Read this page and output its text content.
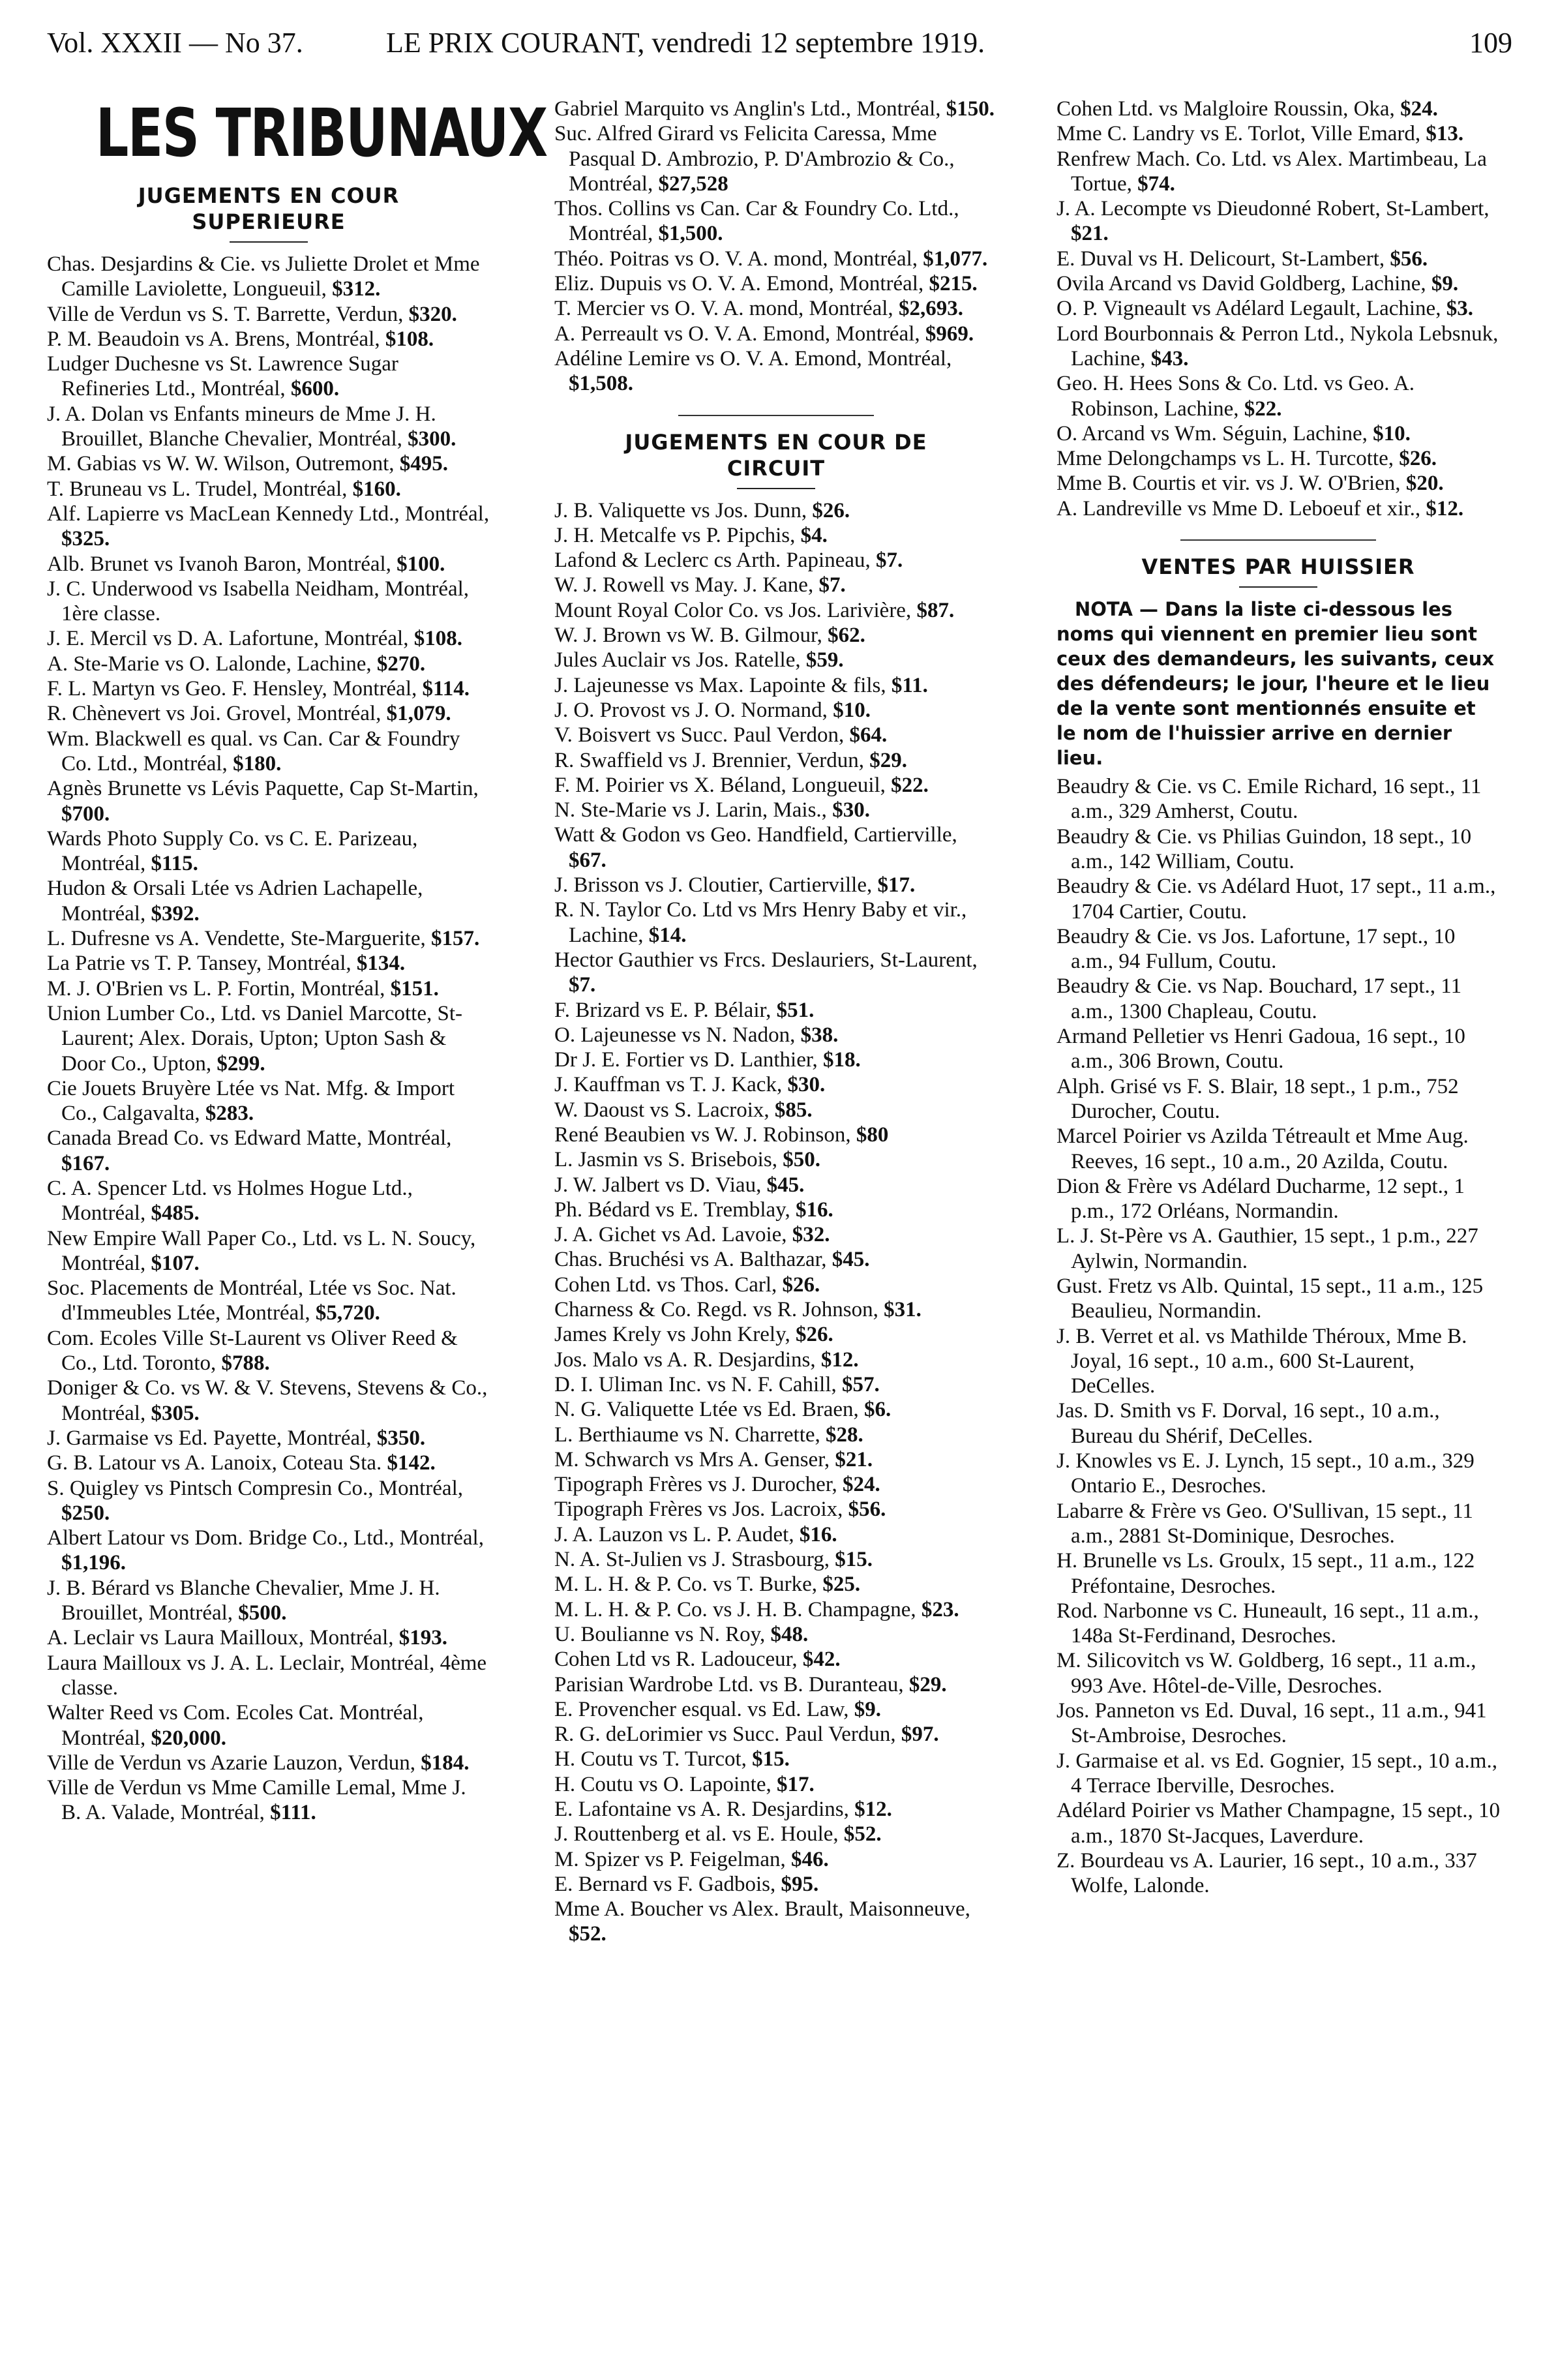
Vol. XXXII — No 37.	LE PRIX COURANT, vendredi 12 septembre 1919.	109
LES TRIBUNAUX
JUGEMENTS EN COUR
SUPERIEURE

Chas. Desjardins & Cie. vs Juliette Drolet et Mme Camille Laviolette, Longueuil, $312.

Ville de Verdun vs S. T. Barrette, Verdun, $320.

P. M. Beaudoin vs A. Brens, Montréal, $108.

Ludger Duchesne vs St. Lawrence Sugar Refineries Ltd., Montréal, $600.

J. A. Dolan vs Enfants mineurs de Mme J. H. Brouillet, Blanche Chevalier, Montréal, $300.

M. Gabias vs W. W. Wilson, Outremont, $495.

T. Bruneau vs L. Trudel, Montréal, $160.

Alf. Lapierre vs MacLean Kennedy Ltd., Montréal, $325.

Alb. Brunet vs Ivanoh Baron, Montréal, $100.

J. C. Underwood vs Isabella Neidham, Montréal, 1ère classe.

J. E. Mercil vs D. A. Lafortune, Montréal, $108.

A. Ste-Marie vs O. Lalonde, Lachine, $270.

F. L. Martyn vs Geo. F. Hensley, Montréal, $114.

R. Chènevert vs Joi. Grovel, Montréal, $1,079.

Wm. Blackwell es qual. vs Can. Car & Foundry Co. Ltd., Montréal, $180.

Agnès Brunette vs Lévis Paquette, Cap St-Martin, $700.

Wards Photo Supply Co. vs C. E. Parizeau, Montréal, $115.

Hudon & Orsali Ltée vs Adrien Lachapelle, Montréal, $392.

L. Dufresne vs A. Vendette, Ste-Marguerite, $157.

La Patrie vs T. P. Tansey, Montréal, $134.

M. J. O'Brien vs L. P. Fortin, Montréal, $151.

Union Lumber Co., Ltd. vs Daniel Marcotte, St-Laurent; Alex. Dorais, Upton; Upton Sash & Door Co., Upton, $299.

Cie Jouets Bruyère Ltée vs Nat. Mfg. & Import Co., Calgavalta, $283.

Canada Bread Co. vs Edward Matte, Montréal, $167.

C. A. Spencer Ltd. vs Holmes Hogue Ltd., Montréal, $485.

New Empire Wall Paper Co., Ltd. vs L. N. Soucy, Montréal, $107.

Soc. Placements de Montréal, Ltée vs Soc. Nat. d'Immeubles Ltée, Montréal, $5,720.

Com. Ecoles Ville St-Laurent vs Oliver Reed & Co., Ltd. Toronto, $788.

Doniger & Co. vs W. & V. Stevens, Stevens & Co., Montréal, $305.

J. Garmaise vs Ed. Payette, Montréal, $350.

G. B. Latour vs A. Lanoix, Coteau Sta. $142.

S. Quigley vs Pintsch Compresin Co., Montréal, $250.

Albert Latour vs Dom. Bridge Co., Ltd., Montréal, $1,196.

J. B. Bérard vs Blanche Chevalier, Mme J. H. Brouillet, Montréal, $500.

A. Leclair vs Laura Mailloux, Montréal, $193.

Laura Mailloux vs J. A. L. Leclair, Montréal, 4ème classe.

Walter Reed vs Com. Ecoles Cat. Montréal, Montréal, $20,000.

Ville de Verdun vs Azarie Lauzon, Verdun, $184.

Ville de Verdun vs Mme Camille Lemal, Mme J. B. A. Valade, Montréal, $111.

Gabriel Marquito vs Anglin's Ltd., Montréal, $150.

Suc. Alfred Girard vs Felicita Caressa, Mme Pasqual D. Ambrozio, P. D'Ambrozio & Co., Montréal, $27,528

Thos. Collins vs Can. Car & Foundry Co. Ltd., Montréal, $1,500.

Théo. Poitras vs O. V. A. mond, Montréal, $1,077.

Eliz. Dupuis vs O. V. A. Emond, Montréal, $215.

T. Mercier vs O. V. A. mond, Montréal, $2,693.

A. Perreault vs O. V. A. Emond, Montréal, $969.

Adéline Lemire vs O. V. A. Emond, Montréal, $1,508.

JUGEMENTS EN COUR DE
CIRCUIT

J. B. Valiquette vs Jos. Dunn, $26.

J. H. Metcalfe vs P. Pipchis, $4.

Lafond & Leclerc cs Arth. Papineau, $7.

W. J. Rowell vs May. J. Kane, $7.

Mount Royal Color Co. vs Jos. Larivière, $87.

W. J. Brown vs W. B. Gilmour, $62.

Jules Auclair vs Jos. Ratelle, $59.

J. Lajeunesse vs Max. Lapointe & fils, $11.

J. O. Provost vs J. O. Normand, $10.

V. Boisvert vs Succ. Paul Verdon, $64.

R. Swaffield vs J. Brennier, Verdun, $29.

F. M. Poirier vs X. Béland, Longueuil, $22.

N. Ste-Marie vs J. Larin, Mais., $30.

Watt & Godon vs Geo. Handfield, Cartierville, $67.

J. Brisson vs J. Cloutier, Cartierville, $17.

R. N. Taylor Co. Ltd vs Mrs Henry Baby et vir., Lachine, $14.

Hector Gauthier vs Frcs. Deslauriers, St-Laurent, $7.

F. Brizard vs E. P. Bélair, $51.

O. Lajeunesse vs N. Nadon, $38.

Dr J. E. Fortier vs D. Lanthier, $18.

J. Kauffman vs T. J. Kack, $30.

W. Daoust vs S. Lacroix, $85.

René Beaubien vs W. J. Robinson, $80

L. Jasmin vs S. Brisebois, $50.

J. W. Jalbert vs D. Viau, $45.

Ph. Bédard vs E. Tremblay, $16.

J. A. Gichet vs Ad. Lavoie, $32.

Chas. Bruchési vs A. Balthazar, $45.

Cohen Ltd. vs Thos. Carl, $26.

Charness & Co. Regd. vs R. Johnson, $31.

James Krely vs John Krely, $26.

Jos. Malo vs A. R. Desjardins, $12.

D. I. Uliman Inc. vs N. F. Cahill, $57.

N. G. Valiquette Ltée vs Ed. Braen, $6.

L. Berthiaume vs N. Charrette, $28.

M. Schwarch vs Mrs A. Genser, $21.

Tipograph Frères vs J. Durocher, $24.

Tipograph Frères vs Jos. Lacroix, $56.

J. A. Lauzon vs L. P. Audet, $16.

N. A. St-Julien vs J. Strasbourg, $15.

M. L. H. & P. Co. vs T. Burke, $25.

M. L. H. & P. Co. vs J. H. B. Champagne, $23.

U. Boulianne vs N. Roy, $48.

Cohen Ltd vs R. Ladouceur, $42.

Parisian Wardrobe Ltd. vs B. Duranteau, $29.

E. Provencher esqual. vs Ed. Law, $9.

R. G. deLorimier vs Succ. Paul Verdun, $97.

H. Coutu vs T. Turcot, $15.

H. Coutu vs O. Lapointe, $17.

E. Lafontaine vs A. R. Desjardins, $12.

J. Routtenberg et al. vs E. Houle, $52.

M. Spizer vs P. Feigelman, $46.

E. Bernard vs F. Gadbois, $95.

Mme A. Boucher vs Alex. Brault, Maisonneuve, $52.

Cohen Ltd. vs Malgloire Roussin, Oka, $24.

Mme C. Landry vs E. Torlot, Ville Emard, $13.

Renfrew Mach. Co. Ltd. vs Alex. Martimbeau, La Tortue, $74.

J. A. Lecompte vs Dieudonné Robert, St-Lambert, $21.

E. Duval vs H. Delicourt, St-Lambert, $56.

Ovila Arcand vs David Goldberg, Lachine, $9.

O. P. Vigneault vs Adélard Legault, Lachine, $3.

Lord Bourbonnais & Perron Ltd., Nykola Lebsnuk, Lachine, $43.

Geo. H. Hees Sons & Co. Ltd. vs Geo. A. Robinson, Lachine, $22.

O. Arcand vs Wm. Séguin, Lachine, $10.

Mme Delongchamps vs L. H. Turcotte, $26.

Mme B. Courtis et vir. vs J. W. O'Brien, $20.

A. Landreville vs Mme D. Leboeuf et xir., $12.

VENTES PAR HUISSIER
NOTA — Dans la liste ci-dessous les noms qui viennent en premier lieu sont ceux des demandeurs, les suivants, ceux des défendeurs; le jour, l'heure et le lieu de la vente sont mentionnés ensuite et le nom de l'huissier arrive en dernier lieu.

Beaudry & Cie. vs C. Emile Richard, 16 sept., 11 a.m., 329 Amherst, Coutu.

Beaudry & Cie. vs Philias Guindon, 18 sept., 10 a.m., 142 William, Coutu.

Beaudry & Cie. vs Adélard Huot, 17 sept., 11 a.m., 1704 Cartier, Coutu.

Beaudry & Cie. vs Jos. Lafortune, 17 sept., 10 a.m., 94 Fullum, Coutu.

Beaudry & Cie. vs Nap. Bouchard, 17 sept., 11 a.m., 1300 Chapleau, Coutu.

Armand Pelletier vs Henri Gadoua, 16 sept., 10 a.m., 306 Brown, Coutu.

Alph. Grisé vs F. S. Blair, 18 sept., 1 p.m., 752 Durocher, Coutu.

Marcel Poirier vs Azilda Tétreault et Mme Aug. Reeves, 16 sept., 10 a.m., 20 Azilda, Coutu.

Dion & Frère vs Adélard Ducharme, 12 sept., 1 p.m., 172 Orléans, Normandin.

L. J. St-Père vs A. Gauthier, 15 sept., 1 p.m., 227 Aylwin, Normandin.

Gust. Fretz vs Alb. Quintal, 15 sept., 11 a.m., 125 Beaulieu, Normandin.

J. B. Verret et al. vs Mathilde Théroux, Mme B. Joyal, 16 sept., 10 a.m., 600 St-Laurent, DeCelles.

Jas. D. Smith vs F. Dorval, 16 sept., 10 a.m., Bureau du Shérif, DeCelles.

J. Knowles vs E. J. Lynch, 15 sept., 10 a.m., 329 Ontario E., Desroches.

Labarre & Frère vs Geo. O'Sullivan, 15 sept., 11 a.m., 2881 St-Dominique, Desroches.

H. Brunelle vs Ls. Groulx, 15 sept., 11 a.m., 122 Préfontaine, Desroches.

Rod. Narbonne vs C. Huneault, 16 sept., 11 a.m., 148a St-Ferdinand, Desroches.

M. Silicovitch vs W. Goldberg, 16 sept., 11 a.m., 993 Ave. Hôtel-de-Ville, Desroches.

Jos. Panneton vs Ed. Duval, 16 sept., 11 a.m., 941 St-Ambroise, Desroches.

J. Garmaise et al. vs Ed. Gognier, 15 sept., 10 a.m., 4 Terrace Iberville, Desroches.

Adélard Poirier vs Mather Champagne, 15 sept., 10 a.m., 1870 St-Jacques, Laverdure.

Z. Bourdeau vs A. Laurier, 16 sept., 10 a.m., 337 Wolfe, Lalonde.
